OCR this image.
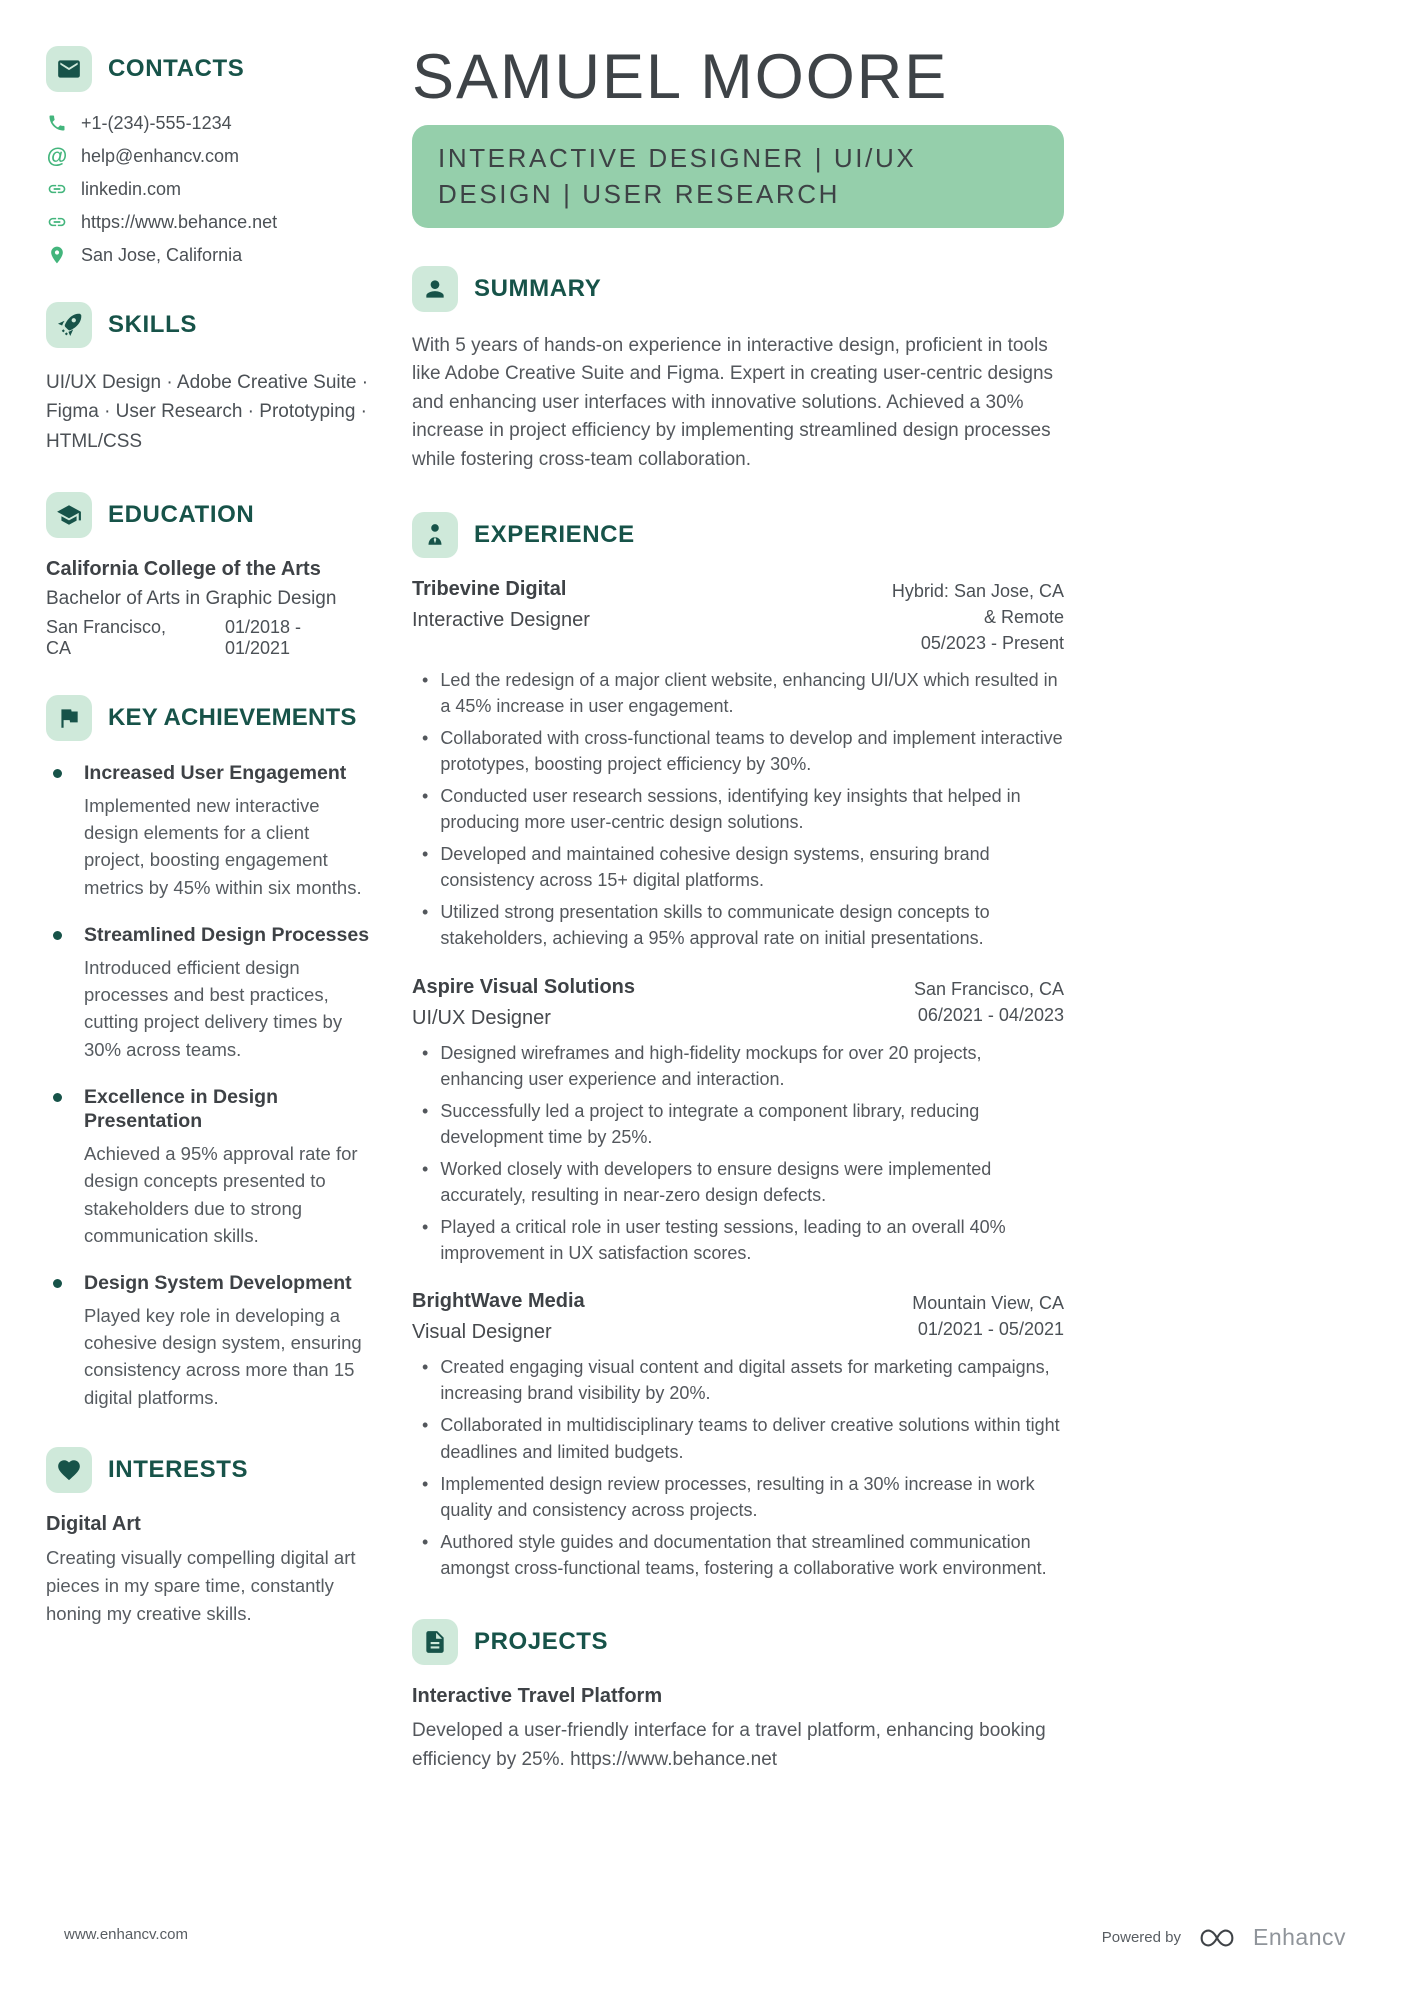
CONTACTS
+1-(234)-555-1234
@ help@enhancv.com
linkedin.com
https://www.behance.net
San Jose, California
SKILLS

UI/UX Design · Adobe Creative Suite · Figma · User Research · Prototyping · HTML/CSS

EDUCATION
California College of the Arts
Bachelor of Arts in Graphic Design
San Francisco, CA
01/2018 - 01/2021
KEY ACHIEVEMENTS
Increased User Engagement
Implemented new interactive design elements for a client project, boosting engagement metrics by 45% within six months.
Streamlined Design Processes
Introduced efficient design processes and best practices, cutting project delivery times by 30% across teams.
Excellence in Design Presentation
Achieved a 95% approval rate for design concepts presented to stakeholders due to strong communication skills.
Design System Development
Played key role in developing a cohesive design system, ensuring consistency across more than 15 digital platforms.
INTERESTS
Digital Art

Creating visually compelling digital art pieces in my spare time, constantly honing my creative skills.

SAMUEL MOORE
INTERACTIVE DESIGNER | UI/UX DESIGN | USER RESEARCH
SUMMARY

With 5 years of hands-on experience in interactive design, proficient in tools like Adobe Creative Suite and Figma. Expert in creating user-centric designs and enhancing user interfaces with innovative solutions. Achieved a 30% increase in project efficiency by implementing streamlined design processes while fostering cross-team collaboration.

EXPERIENCE
Tribevine Digital
Interactive Designer
Hybrid: San Jose, CA & Remote
05/2023 - Present
• Led the redesign of a major client website, enhancing UI/UX which resulted in a 45% increase in user engagement.
• Collaborated with cross-functional teams to develop and implement interactive prototypes, boosting project efficiency by 30%.
• Conducted user research sessions, identifying key insights that helped in producing more user-centric design solutions.
• Developed and maintained cohesive design systems, ensuring brand consistency across 15+ digital platforms.
• Utilized strong presentation skills to communicate design concepts to stakeholders, achieving a 95% approval rate on initial presentations.
Aspire Visual Solutions
UI/UX Designer
San Francisco, CA
06/2021 - 04/2023
• Designed wireframes and high-fidelity mockups for over 20 projects, enhancing user experience and interaction.
• Successfully led a project to integrate a component library, reducing development time by 25%.
• Worked closely with developers to ensure designs were implemented accurately, resulting in near-zero design defects.
• Played a critical role in user testing sessions, leading to an overall 40% improvement in UX satisfaction scores.
BrightWave Media
Visual Designer
Mountain View, CA
01/2021 - 05/2021
• Created engaging visual content and digital assets for marketing campaigns, increasing brand visibility by 20%.
• Collaborated in multidisciplinary teams to deliver creative solutions within tight deadlines and limited budgets.
• Implemented design review processes, resulting in a 30% increase in work quality and consistency across projects.
• Authored style guides and documentation that streamlined communication amongst cross-functional teams, fostering a collaborative work environment.
PROJECTS
Interactive Travel Platform

Developed a user-friendly interface for a travel platform, enhancing booking efficiency by 25%. https://www.behance.net

www.enhancv.com	Powered by	Enhancv
